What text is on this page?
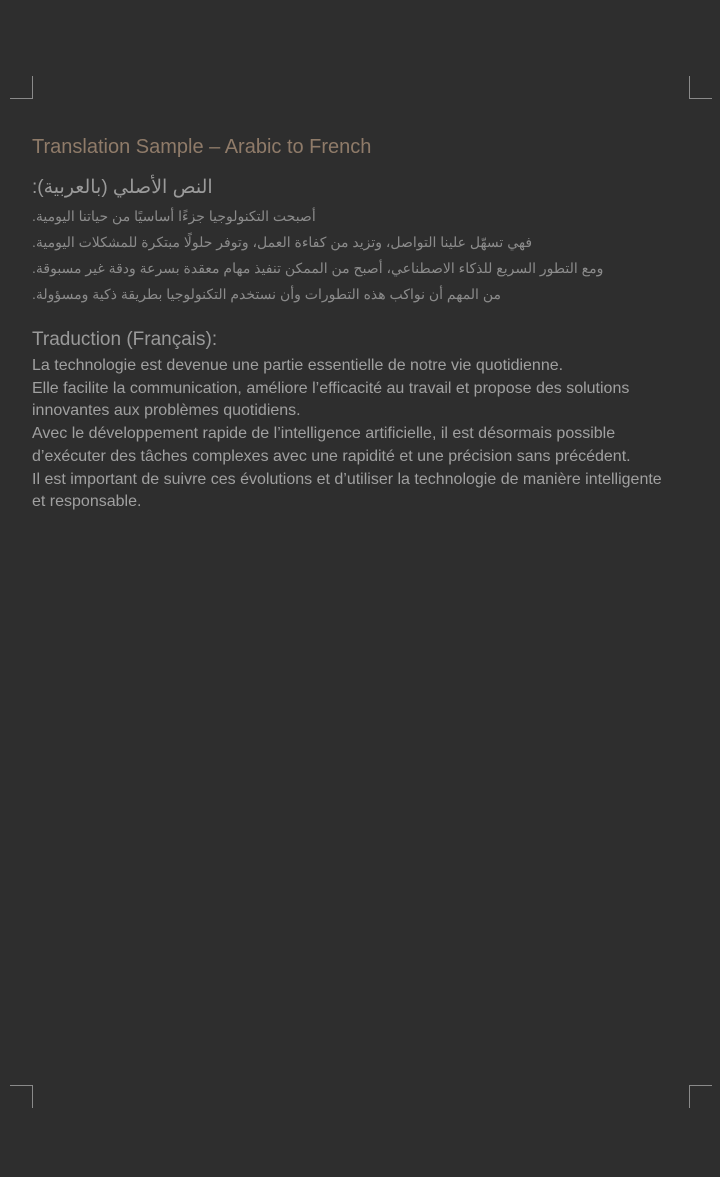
Translation Sample – Arabic to French
النص الأصلي (بالعربية):
أصبحت التكنولوجيا جزءًا أساسيًا من حياتنا اليومية.
فهي تسهّل علينا التواصل، وتزيد من كفاءة العمل، وتوفر حلولًا مبتكرة للمشكلات اليومية.
ومع التطور السريع للذكاء الاصطناعي، أصبح من الممكن تنفيذ مهام معقدة بسرعة ودقة غير مسبوقة.
من المهم أن نواكب هذه التطورات وأن نستخدم التكنولوجيا بطريقة ذكية ومسؤولة.
Traduction (Français):

La technologie est devenue une partie essentielle de notre vie quotidienne.

Elle facilite la communication, améliore l’efficacité au travail et propose des solutions innovantes aux problèmes quotidiens.

Avec le développement rapide de l’intelligence artificielle, il est désormais possible d’exécuter des tâches complexes avec une rapidité et une précision sans précédent.

Il est important de suivre ces évolutions et d’utiliser la technologie de manière intelligente et responsable.
